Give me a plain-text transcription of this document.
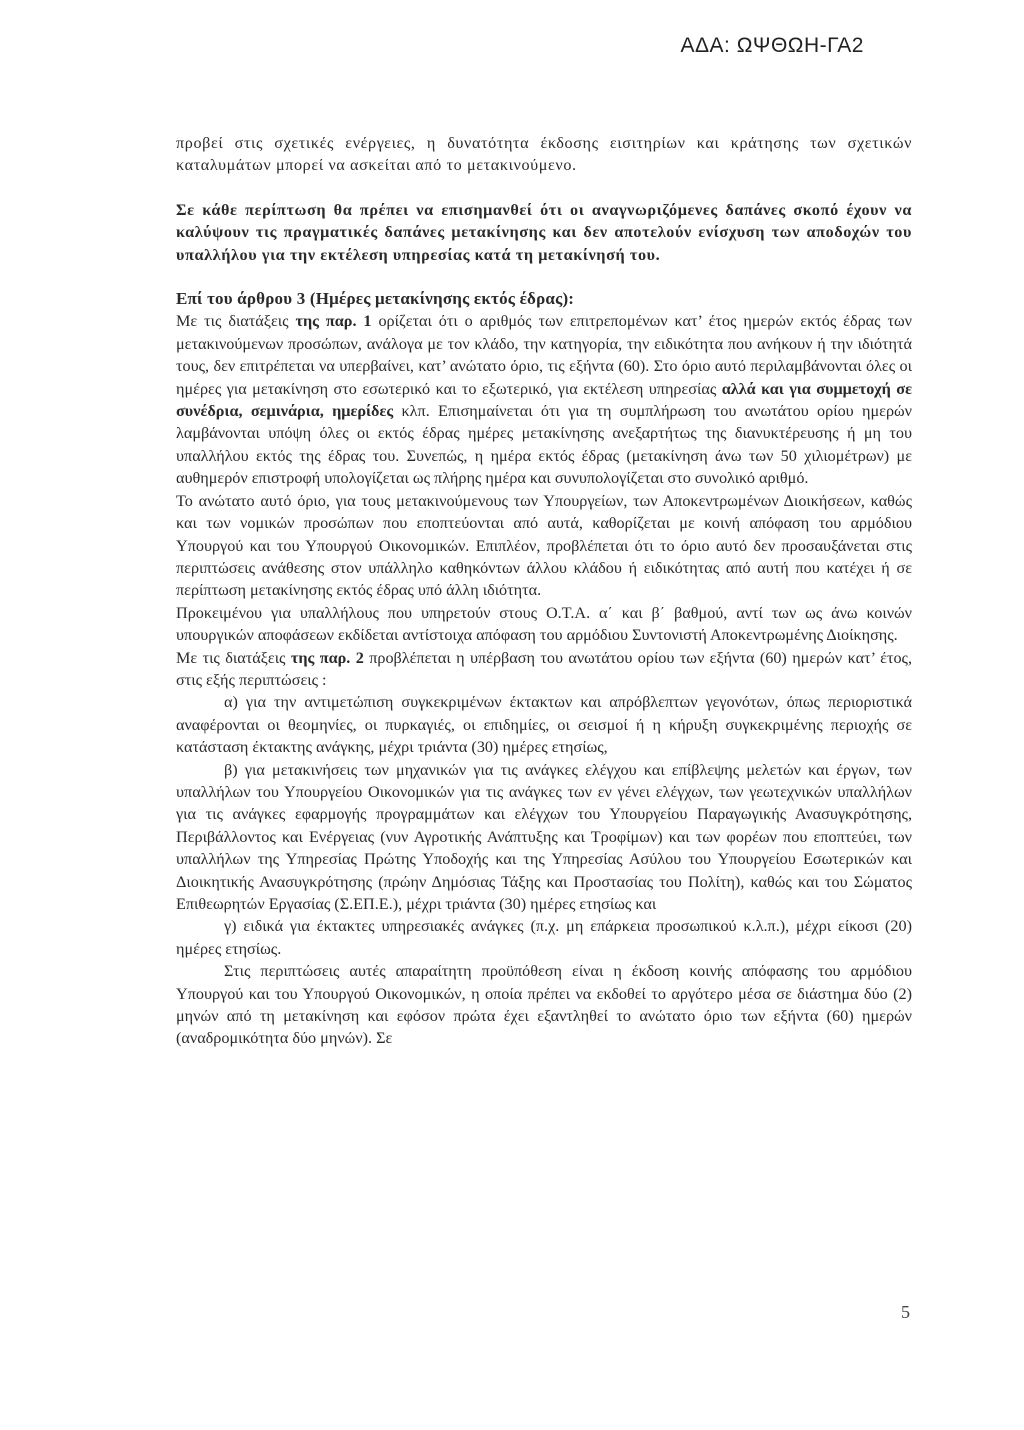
ΑΔΑ: ΩΨΘΩΗ-ΓΑ2

προβεί στις σχετικές ενέργειες, η δυνατότητα έκδοσης εισιτηρίων και κράτησης των σχετικών καταλυμάτων μπορεί να ασκείται από το μετακινούμενο.

Σε κάθε περίπτωση θα πρέπει να επισημανθεί ότι οι αναγνωριζόμενες δαπάνες σκοπό έχουν να καλύψουν τις πραγματικές δαπάνες μετακίνησης και δεν αποτελούν ενίσχυση των αποδοχών του υπαλλήλου για την εκτέλεση υπηρεσίας κατά τη μετακίνησή του.

Επί του άρθρου 3 (Ημέρες μετακίνησης εκτός έδρας):

Με τις διατάξεις της παρ. 1 ορίζεται ότι ο αριθμός των επιτρεπομένων κατ’ έτος ημερών εκτός έδρας των μετακινούμενων προσώπων, ανάλογα με τον κλάδο, την κατηγορία, την ειδικότητα που ανήκουν ή την ιδιότητά τους, δεν επιτρέπεται να υπερβαίνει, κατ’ ανώτατο όριο, τις εξήντα (60). Στο όριο αυτό περιλαμβάνονται όλες οι ημέρες για μετακίνηση στο εσωτερικό και το εξωτερικό, για εκτέλεση υπηρεσίας αλλά και για συμμετοχή σε συνέδρια, σεμινάρια, ημερίδες κλπ. Επισημαίνεται ότι για τη συμπλήρωση του ανωτάτου ορίου ημερών λαμβάνονται υπόψη όλες οι εκτός έδρας ημέρες μετακίνησης ανεξαρτήτως της διανυκτέρευσης ή μη του υπαλλήλου εκτός της έδρας του. Συνεπώς, η ημέρα εκτός έδρας (μετακίνηση άνω των 50 χιλιομέτρων) με αυθημερόν επιστροφή υπολογίζεται ως πλήρης ημέρα και συνυπολογίζεται στο συνολικό αριθμό.

Το ανώτατο αυτό όριο, για τους μετακινούμενους των Υπουργείων, των Αποκεντρωμένων Διοικήσεων, καθώς και των νομικών προσώπων που εποπτεύονται από αυτά, καθορίζεται με κοινή απόφαση του αρμόδιου Υπουργού και του Υπουργού Οικονομικών. Επιπλέον, προβλέπεται ότι το όριο αυτό δεν προσαυξάνεται στις περιπτώσεις ανάθεσης στον υπάλληλο καθηκόντων άλλου κλάδου ή ειδικότητας από αυτή που κατέχει ή σε περίπτωση μετακίνησης εκτός έδρας υπό άλλη ιδιότητα.

Προκειμένου για υπαλλήλους που υπηρετούν στους Ο.Τ.Α. α΄ και β΄ βαθμού, αντί των ως άνω κοινών υπουργικών αποφάσεων εκδίδεται αντίστοιχα απόφαση του αρμόδιου Συντονιστή Αποκεντρωμένης Διοίκησης.

Με τις διατάξεις της παρ. 2 προβλέπεται η υπέρβαση του ανωτάτου ορίου των εξήντα (60) ημερών κατ’ έτος, στις εξής περιπτώσεις :

α) για την αντιμετώπιση συγκεκριμένων έκτακτων και απρόβλεπτων γεγονότων, όπως περιοριστικά αναφέρονται οι θεομηνίες, οι πυρκαγιές, οι επιδημίες, οι σεισμοί ή η κήρυξη συγκεκριμένης περιοχής σε κατάσταση έκτακτης ανάγκης, μέχρι τριάντα (30) ημέρες ετησίως,

β) για μετακινήσεις των μηχανικών για τις ανάγκες ελέγχου και επίβλεψης μελετών και έργων, των υπαλλήλων του Υπουργείου Οικονομικών για τις ανάγκες των εν γένει ελέγχων, των γεωτεχνικών υπαλλήλων για τις ανάγκες εφαρμογής προγραμμάτων και ελέγχων του Υπουργείου Παραγωγικής Ανασυγκρότησης, Περιβάλλοντος και Ενέργειας (νυν Αγροτικής Ανάπτυξης και Τροφίμων) και των φορέων που εποπτεύει, των υπαλλήλων της Υπηρεσίας Πρώτης Υποδοχής και της Υπηρεσίας Ασύλου του Υπουργείου Εσωτερικών και Διοικητικής Ανασυγκρότησης (πρώην Δημόσιας Τάξης και Προστασίας του Πολίτη), καθώς και του Σώματος Επιθεωρητών Εργασίας (Σ.ΕΠ.Ε.), μέχρι τριάντα (30) ημέρες ετησίως και

γ) ειδικά για έκτακτες υπηρεσιακές ανάγκες (π.χ. μη επάρκεια προσωπικού κ.λ.π.), μέχρι είκοσι (20) ημέρες ετησίως.

Στις περιπτώσεις αυτές απαραίτητη προϋπόθεση είναι η έκδοση κοινής απόφασης του αρμόδιου Υπουργού και του Υπουργού Οικονομικών, η οποία πρέπει να εκδοθεί το αργότερο μέσα σε διάστημα δύο (2) μηνών από τη μετακίνηση και εφόσον πρώτα έχει εξαντληθεί το ανώτατο όριο των εξήντα (60) ημερών (αναδρομικότητα δύο μηνών). Σε

5
